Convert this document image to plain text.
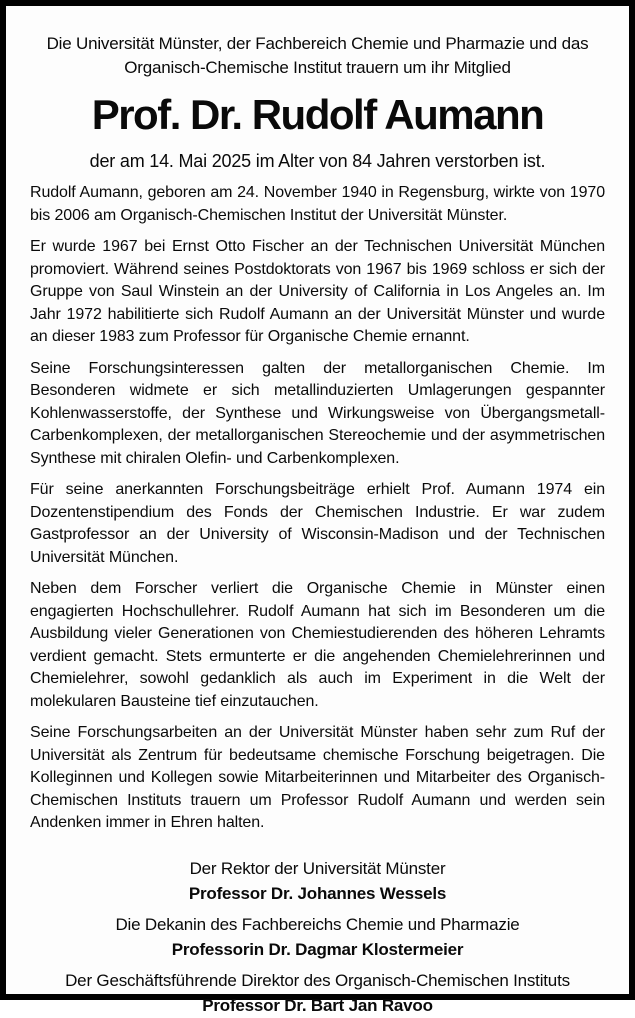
Die Universität Münster, der Fachbereich Chemie und Pharmazie und das Organisch-Chemische Institut trauern um ihr Mitglied

Prof. Dr. Rudolf Aumann

der am 14. Mai 2025 im Alter von 84 Jahren verstorben ist.

Rudolf Aumann, geboren am 24. November 1940 in Regensburg, wirkte von 1970 bis 2006 am Organisch-Chemischen Institut der Universität Münster.

Er wurde 1967 bei Ernst Otto Fischer an der Technischen Universität München promoviert. Während seines Postdoktorats von 1967 bis 1969 schloss er sich der Gruppe von Saul Winstein an der University of California in Los Angeles an. Im Jahr 1972 habilitierte sich Rudolf Aumann an der Universität Münster und wurde an dieser 1983 zum Professor für Organische Chemie ernannt.

Seine Forschungsinteressen galten der metallorganischen Chemie. Im Besonderen widmete er sich metallinduzierten Umlagerungen gespannter Kohlenwasserstoffe, der Synthese und Wirkungsweise von Übergangsmetall-Carbenkomplexen, der metallorganischen Stereochemie und der asymmetrischen Synthese mit chiralen Olefin- und Carbenkomplexen.

Für seine anerkannten Forschungsbeiträge erhielt Prof. Aumann 1974 ein Dozentenstipendium des Fonds der Chemischen Industrie. Er war zudem Gastprofessor an der University of Wisconsin-Madison und der Technischen Universität München.

Neben dem Forscher verliert die Organische Chemie in Münster einen engagierten Hochschullehrer. Rudolf Aumann hat sich im Besonderen um die Ausbildung vieler Generationen von Chemiestudierenden des höheren Lehramts verdient gemacht. Stets ermunterte er die angehenden Chemielehrerinnen und Chemielehrer, sowohl gedanklich als auch im Experiment in die Welt der molekularen Bausteine tief einzutauchen.

Seine Forschungsarbeiten an der Universität Münster haben sehr zum Ruf der Universität als Zentrum für bedeutsame chemische Forschung beigetragen. Die Kolleginnen und Kollegen sowie Mitarbeiterinnen und Mitarbeiter des Organisch-Chemischen Instituts trauern um Professor Rudolf Aumann und werden sein Andenken immer in Ehren halten.

Der Rektor der Universität Münster
Professor Dr. Johannes Wessels
Die Dekanin des Fachbereichs Chemie und Pharmazie
Professorin Dr. Dagmar Klostermeier
Der Geschäftsführende Direktor des Organisch-Chemischen Instituts
Professor Dr. Bart Jan Ravoo
